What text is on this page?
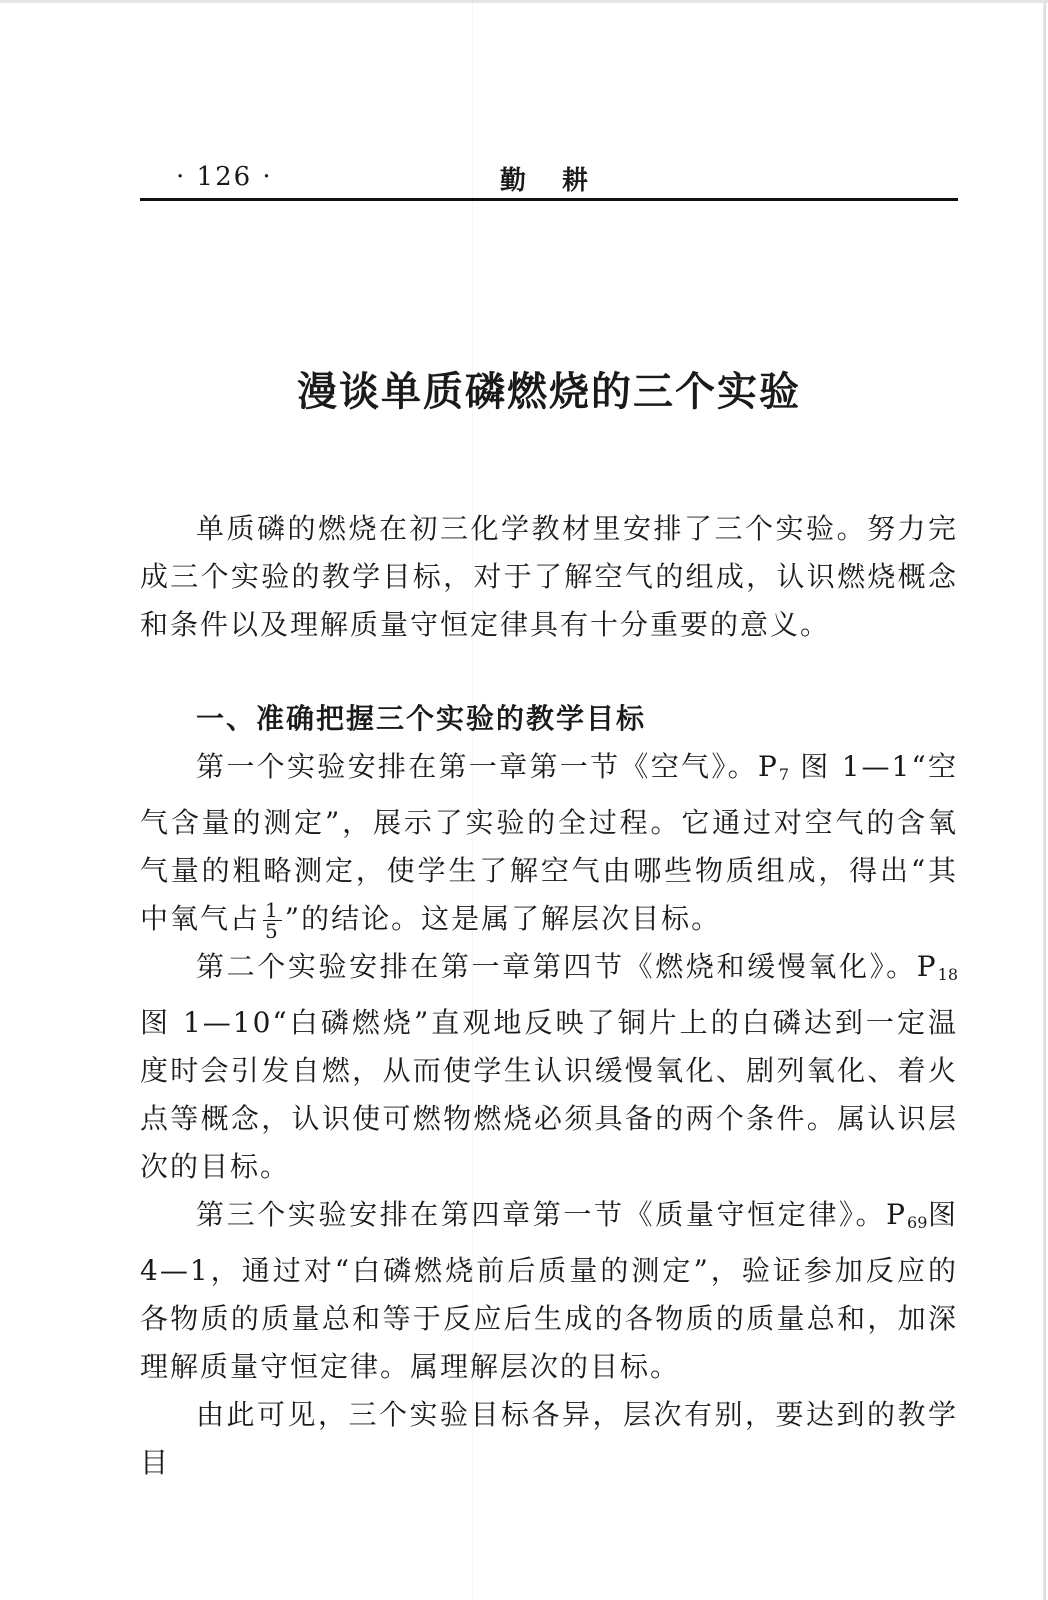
· 126 ·	勤耕
漫谈单质磷燃烧的三个实验

单质磷的燃烧在初三化学教材里安排了三个实验。努力完成三个实验的教学目标，对于了解空气的组成，认识燃烧概念和条件以及理解质量守恒定律具有十分重要的意义。

一、准确把握三个实验的教学目标

第一个实验安排在第一章第一节《空气》。$P_7$ 图 1—1“空气含量的测定”，展示了实验的全过程。它通过对空气的含氧气量的粗略测定，使学生了解空气由哪些物质组成，得出“其中氧气占 $\frac{1}{5}$ ”的结论。这是属了解层次目标。

第二个实验安排在第一章第四节《燃烧和缓慢氧化》。$P_{18}$ 图 1—10“白磷燃烧”直观地反映了铜片上的白磷达到一定温度时会引发自燃，从而使学生认识缓慢氧化、剧列氧化、着火点等概念，认识使可燃物燃烧必须具备的两个条件。属认识层次的目标。

第三个实验安排在第四章第一节《质量守恒定律》。$P_{69}$图 4—1，通过对“白磷燃烧前后质量的测定”，验证参加反应的各物质的质量总和等于反应后生成的各物质的质量总和，加深理解质量守恒定律。属理解层次的目标。

由此可见，三个实验目标各异，层次有别，要达到的教学目
